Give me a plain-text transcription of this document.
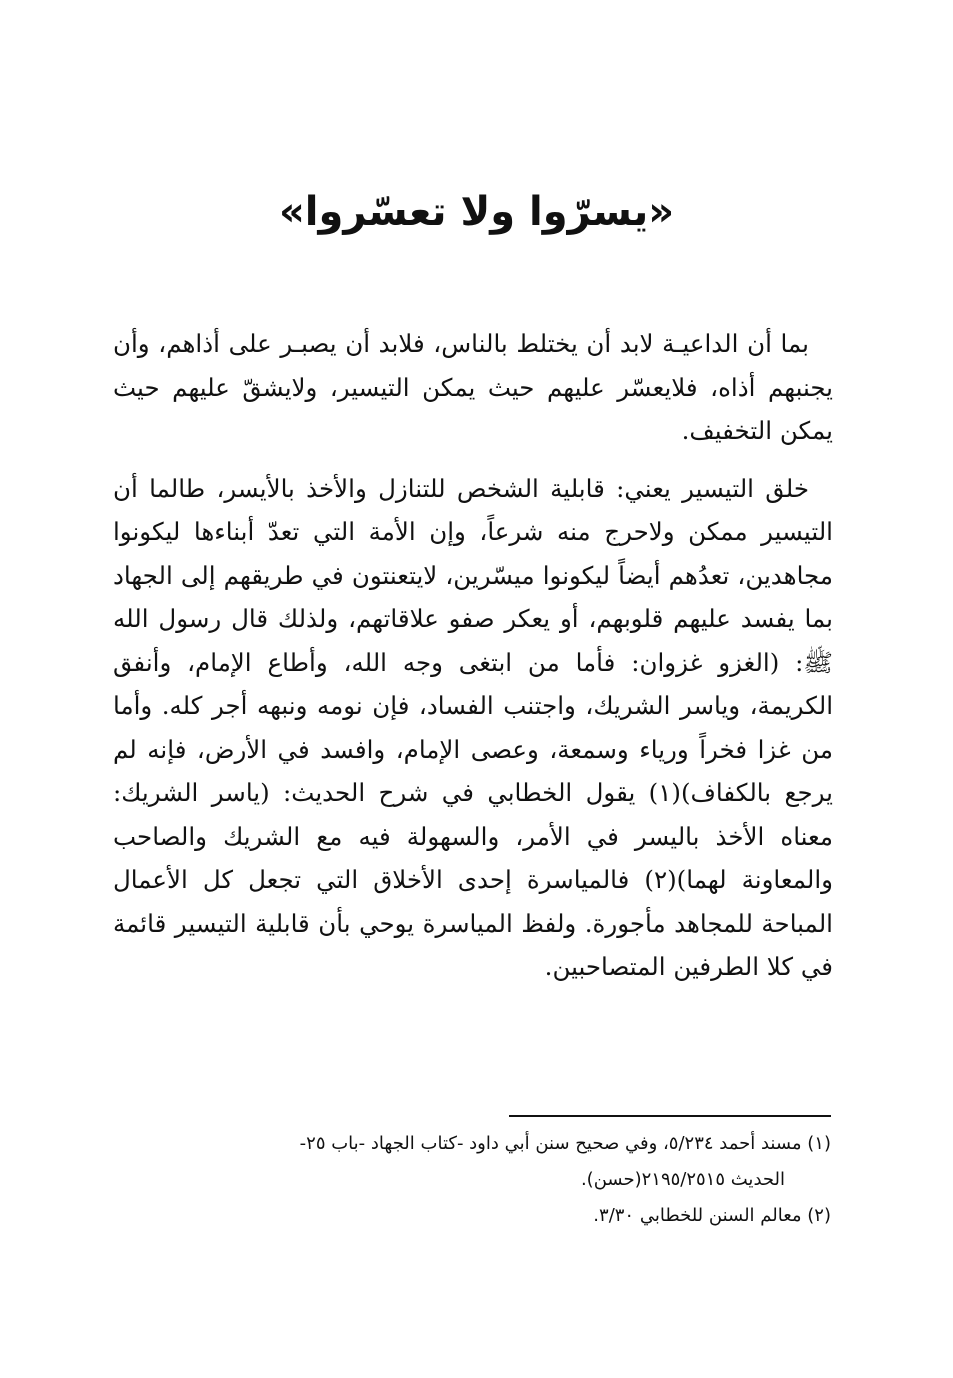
«يسرّوا ولا تعسّروا»

بما أن الداعيـة لابد أن يختلط بالناس، فلابد أن يصبـر على أذاهم، وأن يجنبهم أذاه، فلايعسّر عليهم حيث يمكن التيسير، ولايشقّ عليهم حيث يمكن التخفيف.

خلق التيسير يعني: قابلية الشخص للتنازل والأخذ بالأيسر، طالما أن التيسير ممكن ولاحرج منه شرعاً، وإن الأمة التي تعدّ أبناءها ليكونوا مجاهدين، تعدُهم أيضاً ليكونوا ميسّرين، لايتعنتون في طريقهم إلى الجهاد بما يفسد عليهم قلوبهم، أو يعكر صفو علاقاتهم، ولذلك قال رسول الله ﷺ: (الغزو غزوان: فأما من ابتغى وجه الله، وأطاع الإمام، وأنفق الكريمة، وياسر الشريك، واجتنب الفساد، فإن نومه ونبهه أجر كله. وأما من غزا فخراً ورياء وسمعة، وعصى الإمام، وافسد في الأرض، فإنه لم يرجع بالكفاف)(١) يقول الخطابي في شرح الحديث: (ياسر الشريك: معناه الأخذ باليسر في الأمر، والسهولة فيه مع الشريك والصاحب والمعاونة لهما)(٢) فالمياسرة إحدى الأخلاق التي تجعل كل الأعمال المباحة للمجاهد مأجورة. ولفظ المياسرة يوحي بأن قابلية التيسير قائمة في كلا الطرفين المتصاحبين.

(١) مسند أحمد ٥/٢٣٤، وفي صحيح سنن أبي داود -كتاب الجهاد -باب ٢٥-

الحديث ٢١٩٥/٢٥١٥(حسن).

(٢) معالم السنن للخطابي ٣/٣٠.
